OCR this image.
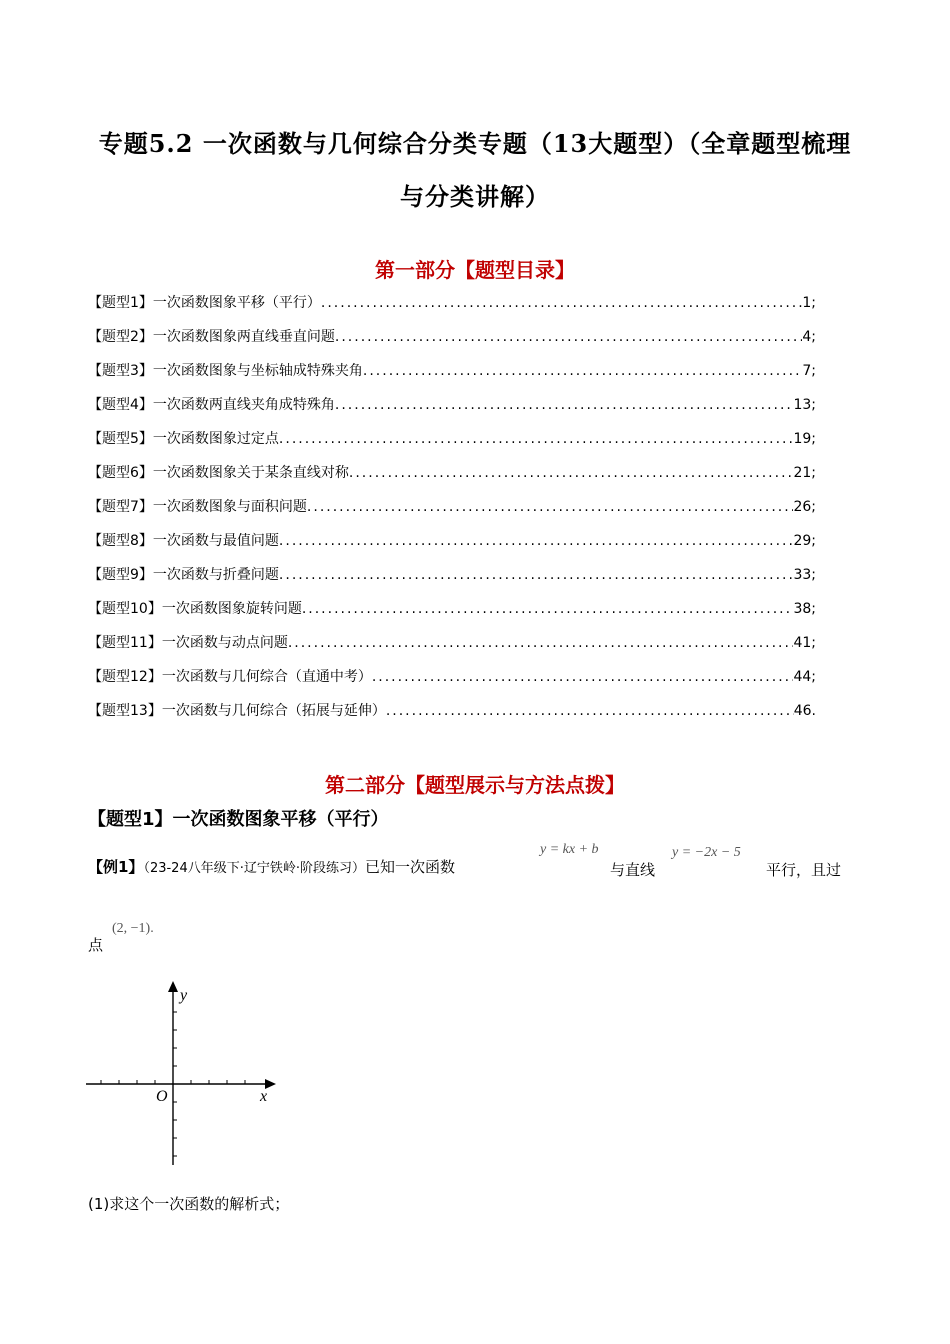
专题5.2 一次函数与几何综合分类专题（13大题型）（全章题型梳理
与分类讲解）
第一部分【题型目录】
【题型1】一次函数图象平移（平行） .....	1;
【题型2】一次函数图象两直线垂直问题 .....	4;
【题型3】一次函数图象与坐标轴成特殊夹角 .....	7;
【题型4】一次函数两直线夹角成特殊角 .....	13;
【题型5】一次函数图象过定点 .....	19;
【题型6】一次函数图象关于某条直线对称 .....	21;
【题型7】一次函数图象与面积问题 .....	26;
【题型8】一次函数与最值问题 .....	29;
【题型9】一次函数与折叠问题 .....	33;
【题型10】一次函数图象旋转问题 .....	38;
【题型11】一次函数与动点问题 .....	41;
【题型12】一次函数与几何综合（直通中考） .....	44;
【题型13】一次函数与几何综合（拓展与延伸） .....	46.
第二部分【题型展示与方法点拨】
【题型1】一次函数图象平移（平行）
【例1】（23-24八年级下·辽宁铁岭·阶段练习）已知一次函数
y = kx + b
与直线
y = −2x − 5
平行，且过
点
(2, −1).
x
y
O
(1)求这个一次函数的解析式；
